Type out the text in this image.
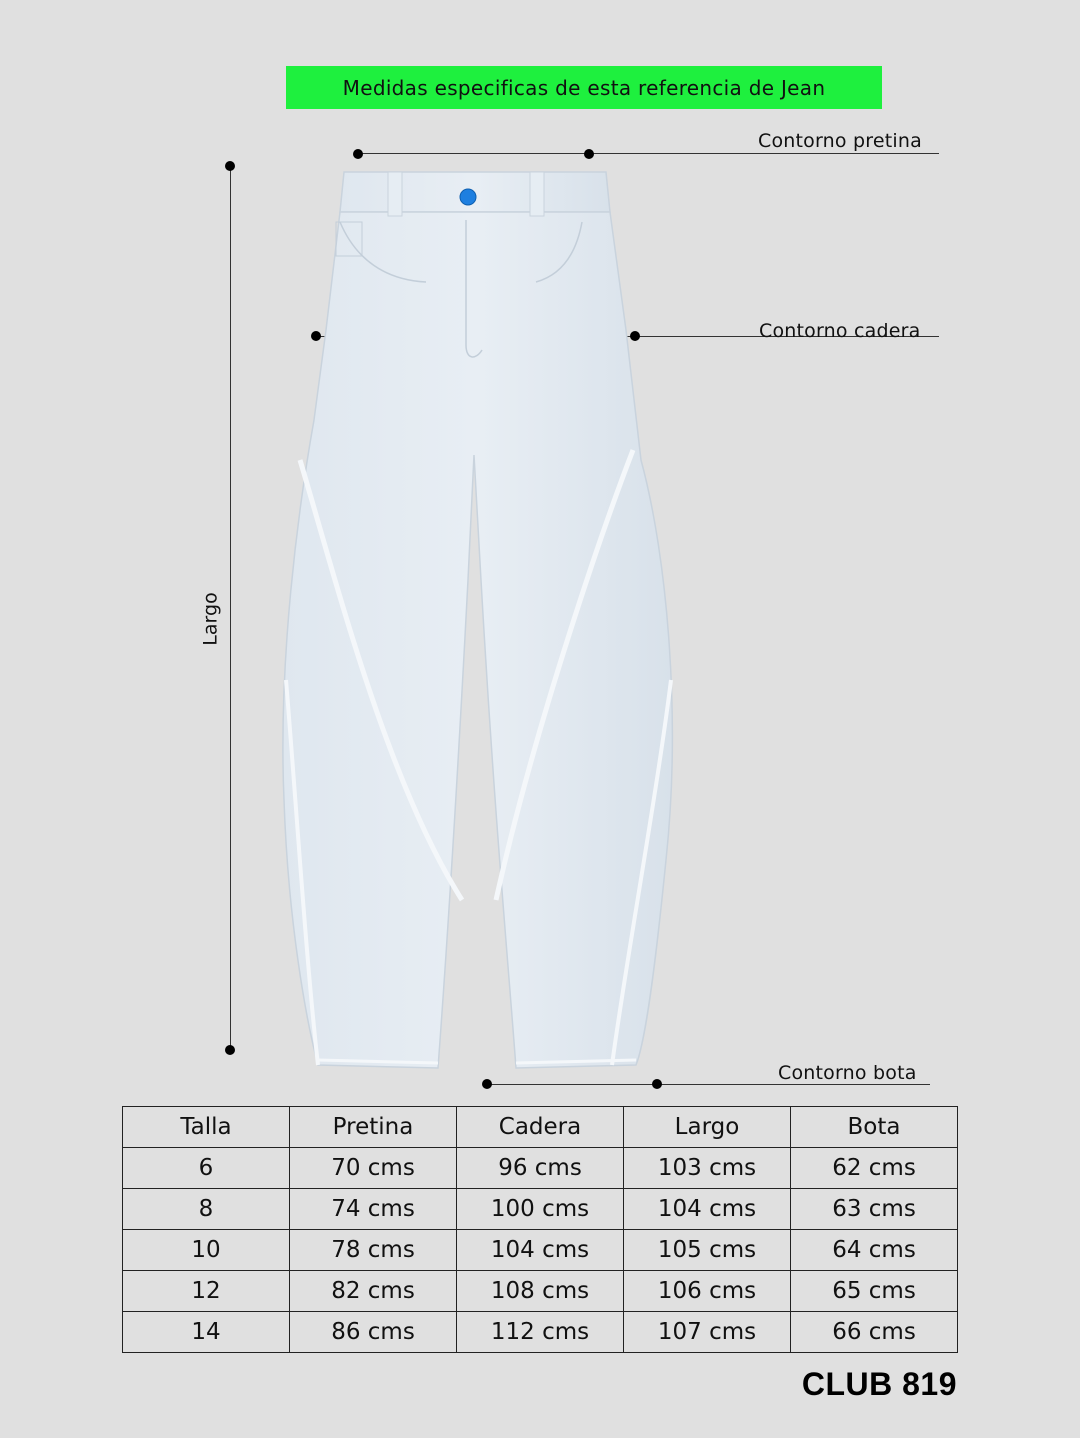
Medidas especificas de esta referencia de Jean
Contorno pretina
Contorno cadera
Largo
Contorno bota
Talla	Pretina	Cadera	Largo	Bota
6	70 cms	96 cms	103 cms	62 cms
8	74 cms	100 cms	104 cms	63 cms
10	78 cms	104 cms	105 cms	64 cms
12	82 cms	108 cms	106 cms	65 cms
14	86 cms	112 cms	107 cms	66 cms
CLUB 819
